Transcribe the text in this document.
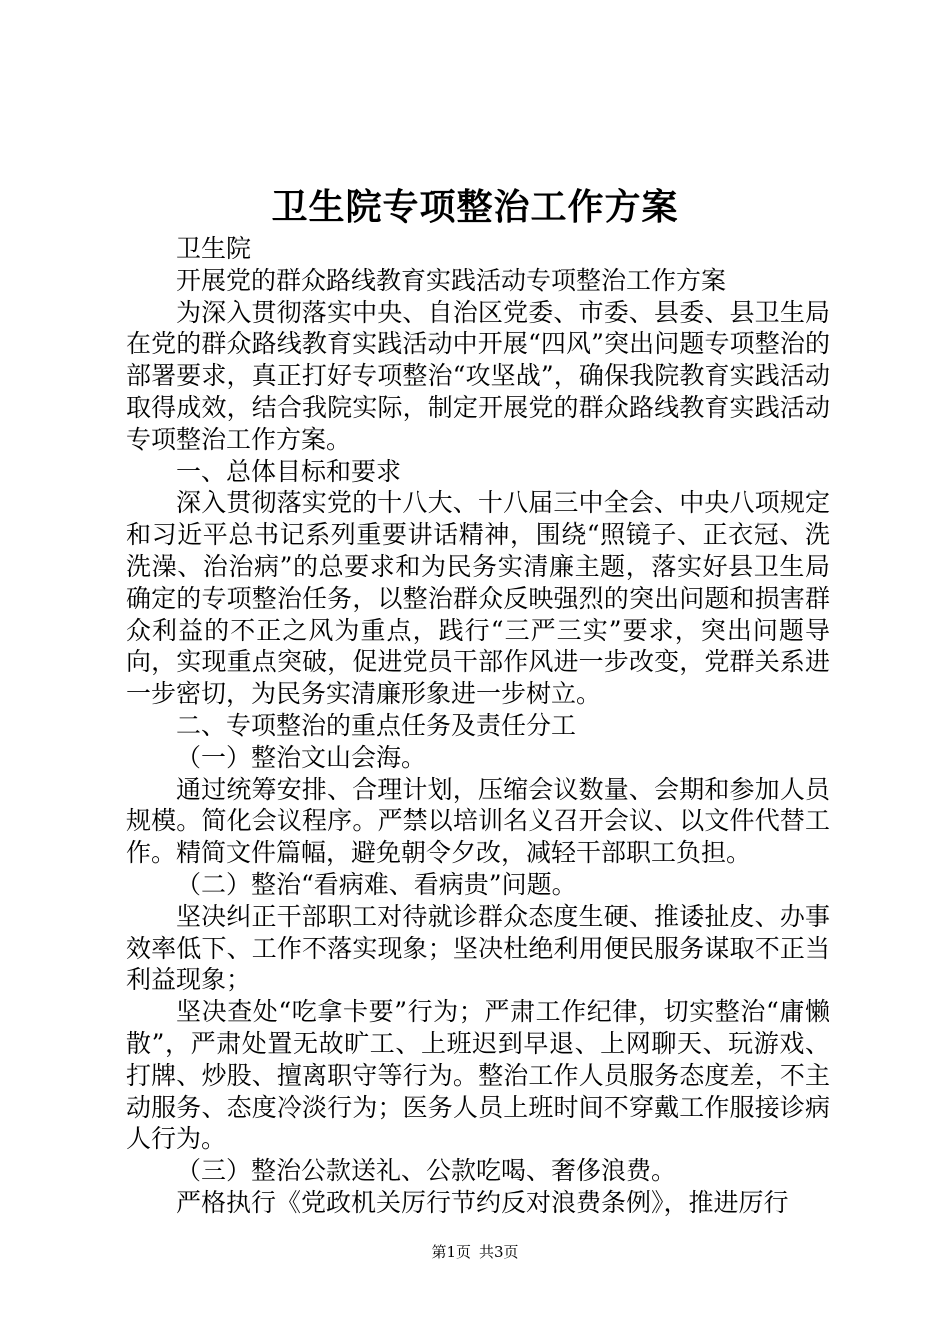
卫生院专项整治工作方案

卫生院

开展党的群众路线教育实践活动专项整治工作方案

为深入贯彻落实中央、自治区党委、市委、县委、县卫生局在党的群众路线教育实践活动中开展“四风”突出问题专项整治的部署要求，真正打好专项整治“攻坚战”，确保我院教育实践活动取得成效，结合我院实际，制定开展党的群众路线教育实践活动专项整治工作方案。

一、总体目标和要求

深入贯彻落实党的十八大、十八届三中全会、中央八项规定和习近平总书记系列重要讲话精神，围绕“照镜子、正衣冠、洗洗澡、治治病”的总要求和为民务实清廉主题，落实好县卫生局确定的专项整治任务，以整治群众反映强烈的突出问题和损害群众利益的不正之风为重点，践行“三严三实”要求，突出问题导向，实现重点突破，促进党员干部作风进一步改变，党群关系进一步密切，为民务实清廉形象进一步树立。

二、专项整治的重点任务及责任分工

（一）整治文山会海。

通过统筹安排、合理计划，压缩会议数量、会期和参加人员规模。简化会议程序。严禁以培训名义召开会议、以文件代替工作。精简文件篇幅，避免朝令夕改，减轻干部职工负担。

（二）整治“看病难、看病贵”问题。

坚决纠正干部职工对待就诊群众态度生硬、推诿扯皮、办事效率低下、工作不落实现象；坚决杜绝利用便民服务谋取不正当利益现象；

坚决查处“吃拿卡要”行为；严肃工作纪律，切实整治“庸懒散”，严肃处置无故旷工、上班迟到早退、上网聊天、玩游戏、打牌、炒股、擅离职守等行为。整治工作人员服务态度差，不主动服务、态度冷淡行为；医务人员上班时间不穿戴工作服接诊病人行为。

（三）整治公款送礼、公款吃喝、奢侈浪费。

严格执行《党政机关厉行节约反对浪费条例》，推进厉行

第1页 共3页
